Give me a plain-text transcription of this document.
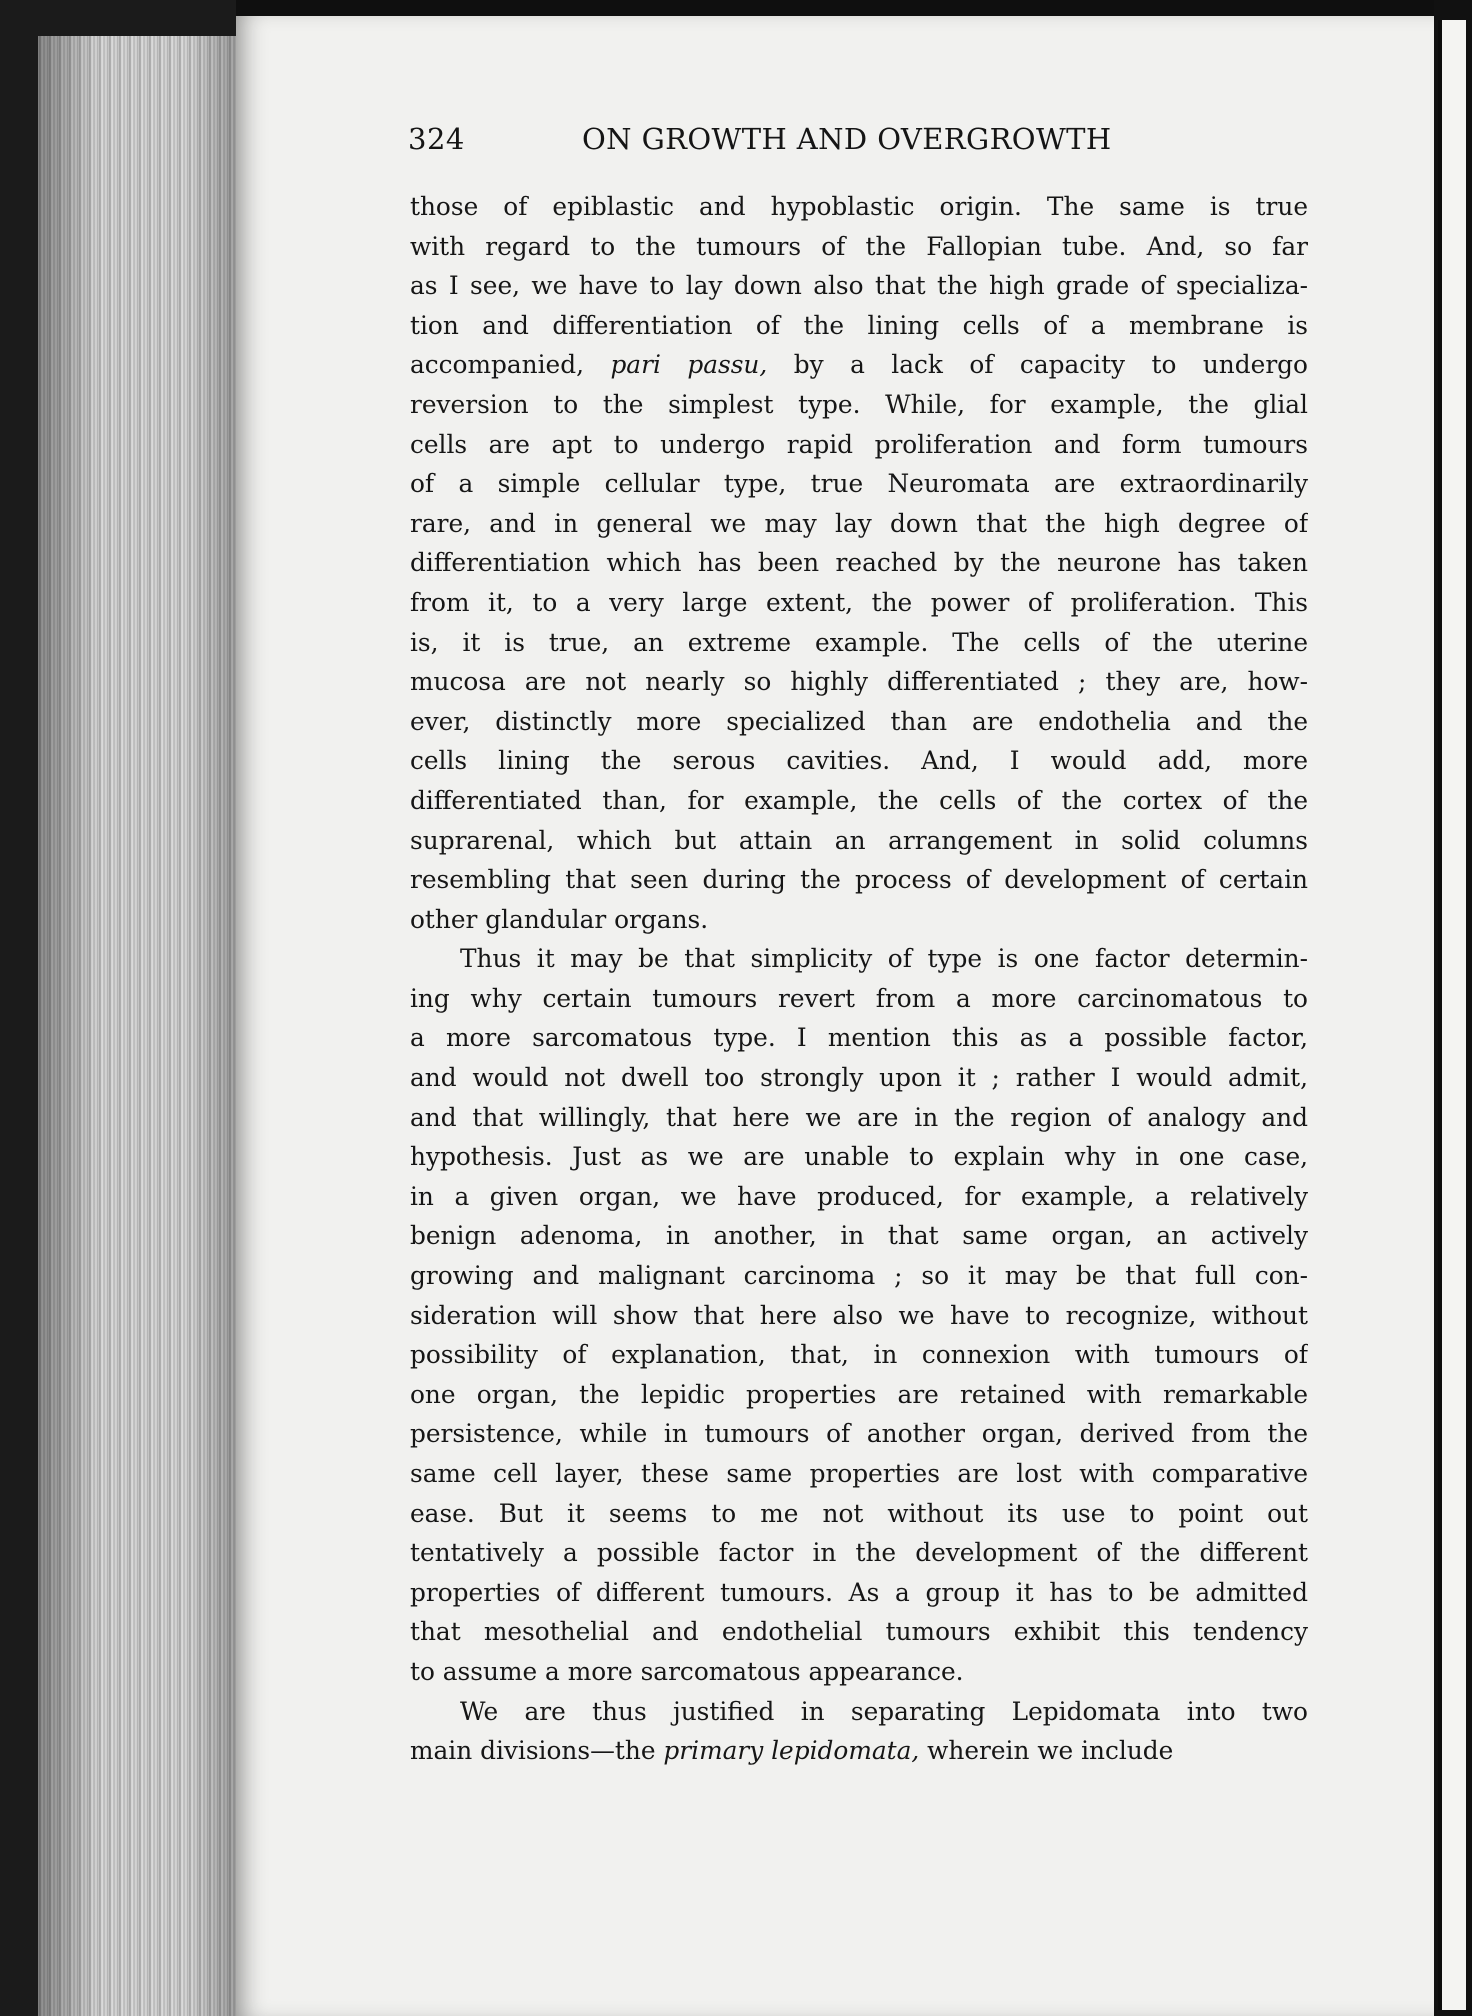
324	ON GROWTH AND OVERGROWTH
those of epiblastic and hypoblastic origin. The same is true
with regard to the tumours of the Fallopian tube. And, so far
as I see, we have to lay down also that the high grade of specializa-
tion and differentiation of the lining cells of a membrane is
accompanied, pari passu, by a lack of capacity to undergo
reversion to the simplest type. While, for example, the glial
cells are apt to undergo rapid proliferation and form tumours
of a simple cellular type, true Neuromata are extraordinarily
rare, and in general we may lay down that the high degree of
differentiation which has been reached by the neurone has taken
from it, to a very large extent, the power of proliferation. This
is, it is true, an extreme example. The cells of the uterine
mucosa are not nearly so highly differentiated ; they are, how-
ever, distinctly more specialized than are endothelia and the
cells lining the serous cavities. And, I would add, more
differentiated than, for example, the cells of the cortex of the
suprarenal, which but attain an arrangement in solid columns
resembling that seen during the process of development of certain
other glandular organs.
Thus it may be that simplicity of type is one factor determin-
ing why certain tumours revert from a more carcinomatous to
a more sarcomatous type. I mention this as a possible factor,
and would not dwell too strongly upon it ; rather I would admit,
and that willingly, that here we are in the region of analogy and
hypothesis. Just as we are unable to explain why in one case,
in a given organ, we have produced, for example, a relatively
benign adenoma, in another, in that same organ, an actively
growing and malignant carcinoma ; so it may be that full con-
sideration will show that here also we have to recognize, without
possibility of explanation, that, in connexion with tumours of
one organ, the lepidic properties are retained with remarkable
persistence, while in tumours of another organ, derived from the
same cell layer, these same properties are lost with comparative
ease. But it seems to me not without its use to point out
tentatively a possible factor in the development of the different
properties of different tumours. As a group it has to be admitted
that mesothelial and endothelial tumours exhibit this tendency
to assume a more sarcomatous appearance.
We are thus justified in separating Lepidomata into two
main divisions—the primary lepidomata, wherein we include
